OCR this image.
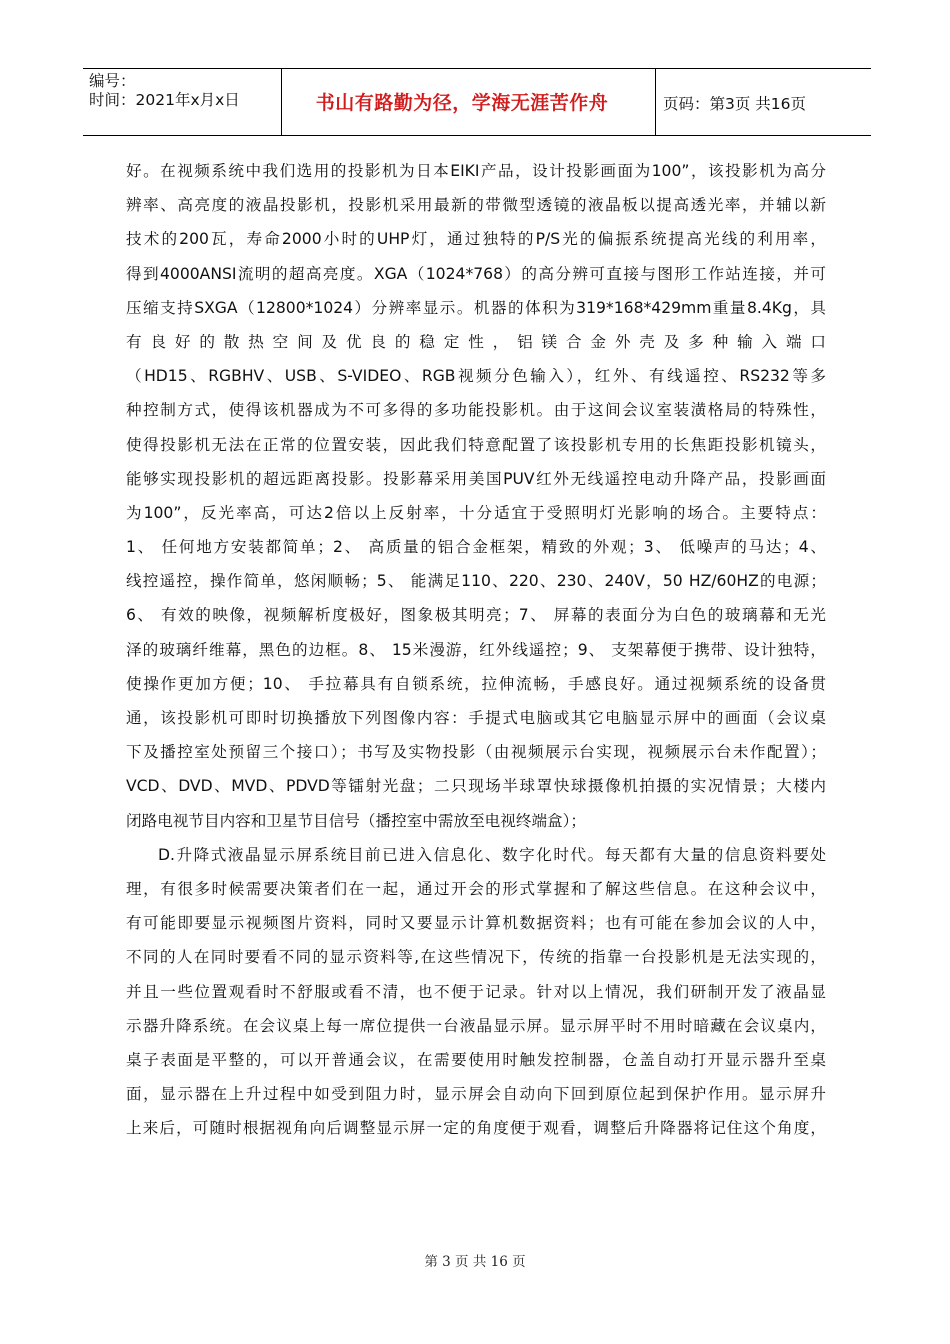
编号：
时间：2021年x月x日	书山有路勤为径，学海无涯苦作舟	页码：第3页 共16页
好。在视频系统中我们选用的投影机为日本EIKI产品，设计投影画面为100”，该投影机为高分
辨率、高亮度的液晶投影机，投影机采用最新的带微型透镜的液晶板以提高透光率，并辅以新
技术的200瓦，寿命2000小时的UHP灯，通过独特的P/S光的偏振系统提高光线的利用率，
得到4000ANSI流明的超高亮度。XGA（1024*768）的高分辨可直接与图形工作站连接，并可
压缩支持SXGA（12800*1024）分辨率显示。机器的体积为319*168*429mm重量8.4Kg，具
有良好的散热空间及优良的稳定性，铝镁合金外壳及多种输入端口
（HD15、RGBHV、USB、S-VIDEO、RGB视频分色输入），红外、有线遥控、RS232等多
种控制方式，使得该机器成为不可多得的多功能投影机。由于这间会议室装潢格局的特殊性，
使得投影机无法在正常的位置安装，因此我们特意配置了该投影机专用的长焦距投影机镜头，
能够实现投影机的超远距离投影。投影幕采用美国PUV红外无线遥控电动升降产品，投影画面
为100”，反光率高，可达2倍以上反射率，十分适宜于受照明灯光影响的场合。主要特点：
1、 任何地方安装都简单；2、 高质量的铝合金框架，精致的外观；3、 低噪声的马达；4、
线控遥控，操作简单，悠闲顺畅；5、 能满足110、220、230、240V，50 HZ/60HZ的电源；
6、 有效的映像，视频解析度极好，图象极其明亮；7、 屏幕的表面分为白色的玻璃幕和无光
泽的玻璃纤维幕，黑色的边框。8、 15米漫游，红外线遥控；9、 支架幕便于携带、设计独特，
使操作更加方便；10、 手拉幕具有自锁系统，拉伸流畅，手感良好。通过视频系统的设备贯
通，该投影机可即时切换播放下列图像内容：手提式电脑或其它电脑显示屏中的画面（会议桌
下及播控室处预留三个接口）；书写及实物投影（由视频展示台实现，视频展示台未作配置）；
VCD、DVD、MVD、PDVD等镭射光盘；二只现场半球罩快球摄像机拍摄的实况情景；大楼内
闭路电视节目内容和卫星节目信号（播控室中需放至电视终端盒）；
D.升降式液晶显示屏系统目前已进入信息化、数字化时代。每天都有大量的信息资料要处
理，有很多时候需要决策者们在一起，通过开会的形式掌握和了解这些信息。在这种会议中，
有可能即要显示视频图片资料，同时又要显示计算机数据资料；也有可能在参加会议的人中，
不同的人在同时要看不同的显示资料等,在这些情况下，传统的指靠一台投影机是无法实现的，
并且一些位置观看时不舒服或看不清，也不便于记录。针对以上情况，我们研制开发了液晶显
示器升降系统。在会议桌上每一席位提供一台液晶显示屏。显示屏平时不用时暗藏在会议桌内，
桌子表面是平整的，可以开普通会议，在需要使用时触发控制器，仓盖自动打开显示器升至桌
面，显示器在上升过程中如受到阻力时，显示屏会自动向下回到原位起到保护作用。显示屏升
上来后，可随时根据视角向后调整显示屏一定的角度便于观看，调整后升降器将记住这个角度，
第 3 页 共 16 页
